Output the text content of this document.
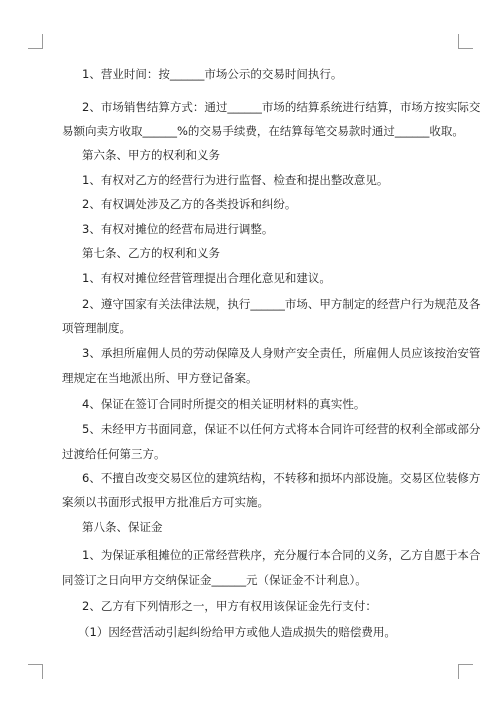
1、营业时间：按______市场公示的交易时间执行。
2、市场销售结算方式：通过______市场的结算系统进行结算，市场方按实际交
易额向卖方收取______%的交易手续费，在结算每笔交易款时通过______收取。
第六条、甲方的权利和义务
1、有权对乙方的经营行为进行监督、检查和提出整改意见。
2、有权调处涉及乙方的各类投诉和纠纷。
3、有权对摊位的经营布局进行调整。
第七条、乙方的权利和义务
1、有权对摊位经营管理提出合理化意见和建议。
2、遵守国家有关法律法规，执行______市场、甲方制定的经营户行为规范及各
项管理制度。
3、承担所雇佣人员的劳动保障及人身财产安全责任，所雇佣人员应该按治安管
理规定在当地派出所、甲方登记备案。
4、保证在签订合同时所提交的相关证明材料的真实性。
5、未经甲方书面同意，保证不以任何方式将本合同许可经营的权利全部或部分
过渡给任何第三方。
6、不擅自改变交易区位的建筑结构，不转移和损坏内部设施。交易区位装修方
案须以书面形式报甲方批准后方可实施。
第八条、保证金
1、为保证承租摊位的正常经营秩序，充分履行本合同的义务，乙方自愿于本合
同签订之日向甲方交纳保证金______元（保证金不计利息）。
2、乙方有下列情形之一，甲方有权用该保证金先行支付：
（1）因经营活动引起纠纷给甲方或他人造成损失的赔偿费用。
